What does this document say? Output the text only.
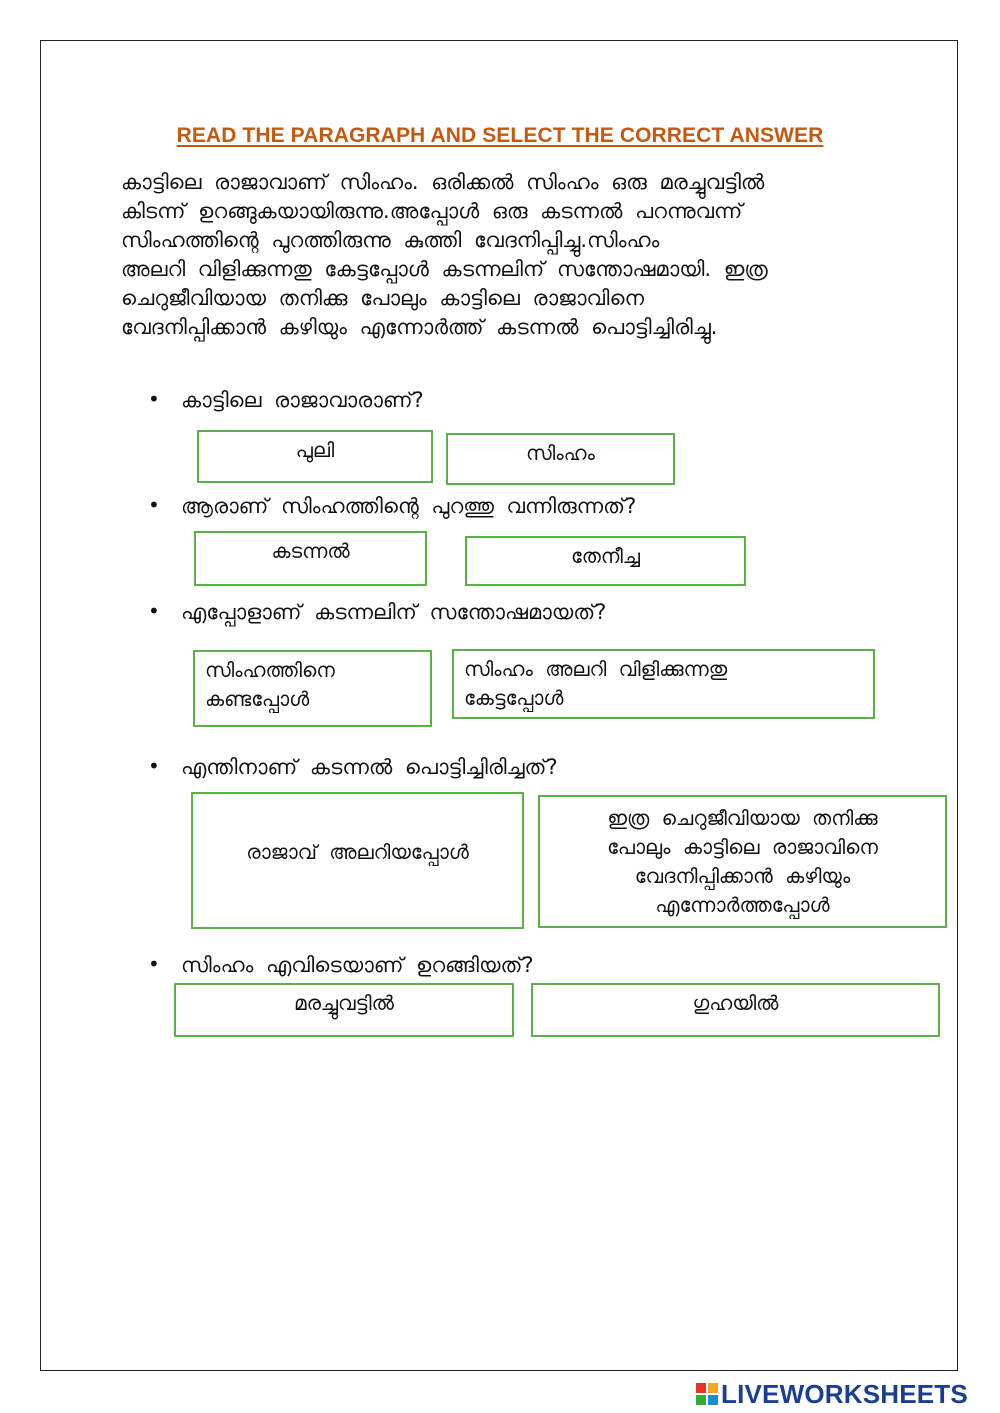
READ THE PARAGRAPH AND SELECT THE CORRECT ANSWER
കാട്ടിലെ രാജാവാണ് സിംഹം. ഒരിക്കൽ സിംഹം ഒരു മരച്ചുവട്ടിൽ
കിടന്ന് ഉറങ്ങുകയായിരുന്നു.അപ്പോൾ ഒരു കടന്നൽ പറന്നുവന്ന്
സിംഹത്തിന്റെ പുറത്തിരുന്നു കുത്തി വേദനിപ്പിച്ചു.സിംഹം
അലറി വിളിക്കുന്നതു കേട്ടപ്പോൾ കടന്നലിന് സന്തോഷമായി. ഇത്ര
ചെറുജീവിയായ തനിക്കു പോലും കാട്ടിലെ രാജാവിനെ
വേദനിപ്പിക്കാൻ കഴിയും എന്നോർത്ത് കടന്നൽ പൊട്ടിച്ചിരിച്ചു.
• കാട്ടിലെ രാജാവാരാണ്?
പുലി	സിംഹം
• ആരാണ് സിംഹത്തിന്റെ പുറത്തു വന്നിരുന്നത്?
കടന്നൽ	തേനീച്ച
• എപ്പോളാണ് കടന്നലിന് സന്തോഷമായത്?
സിംഹത്തിനെ
കണ്ടപ്പോൾ
സിംഹം അലറി വിളിക്കുന്നതു
കേട്ടപ്പോൾ
• എന്തിനാണ് കടന്നൽ പൊട്ടിച്ചിരിച്ചത്?
രാജാവ് അലറിയപ്പോൾ
ഇത്ര ചെറുജീവിയായ തനിക്കു
പോലും കാട്ടിലെ രാജാവിനെ
വേദനിപ്പിക്കാൻ കഴിയും
എന്നോർത്തപ്പോൾ
• സിംഹം എവിടെയാണ് ഉറങ്ങിയത്?
മരച്ചുവട്ടിൽ	ഗുഹയിൽ
LIVEWORKSHEETS
